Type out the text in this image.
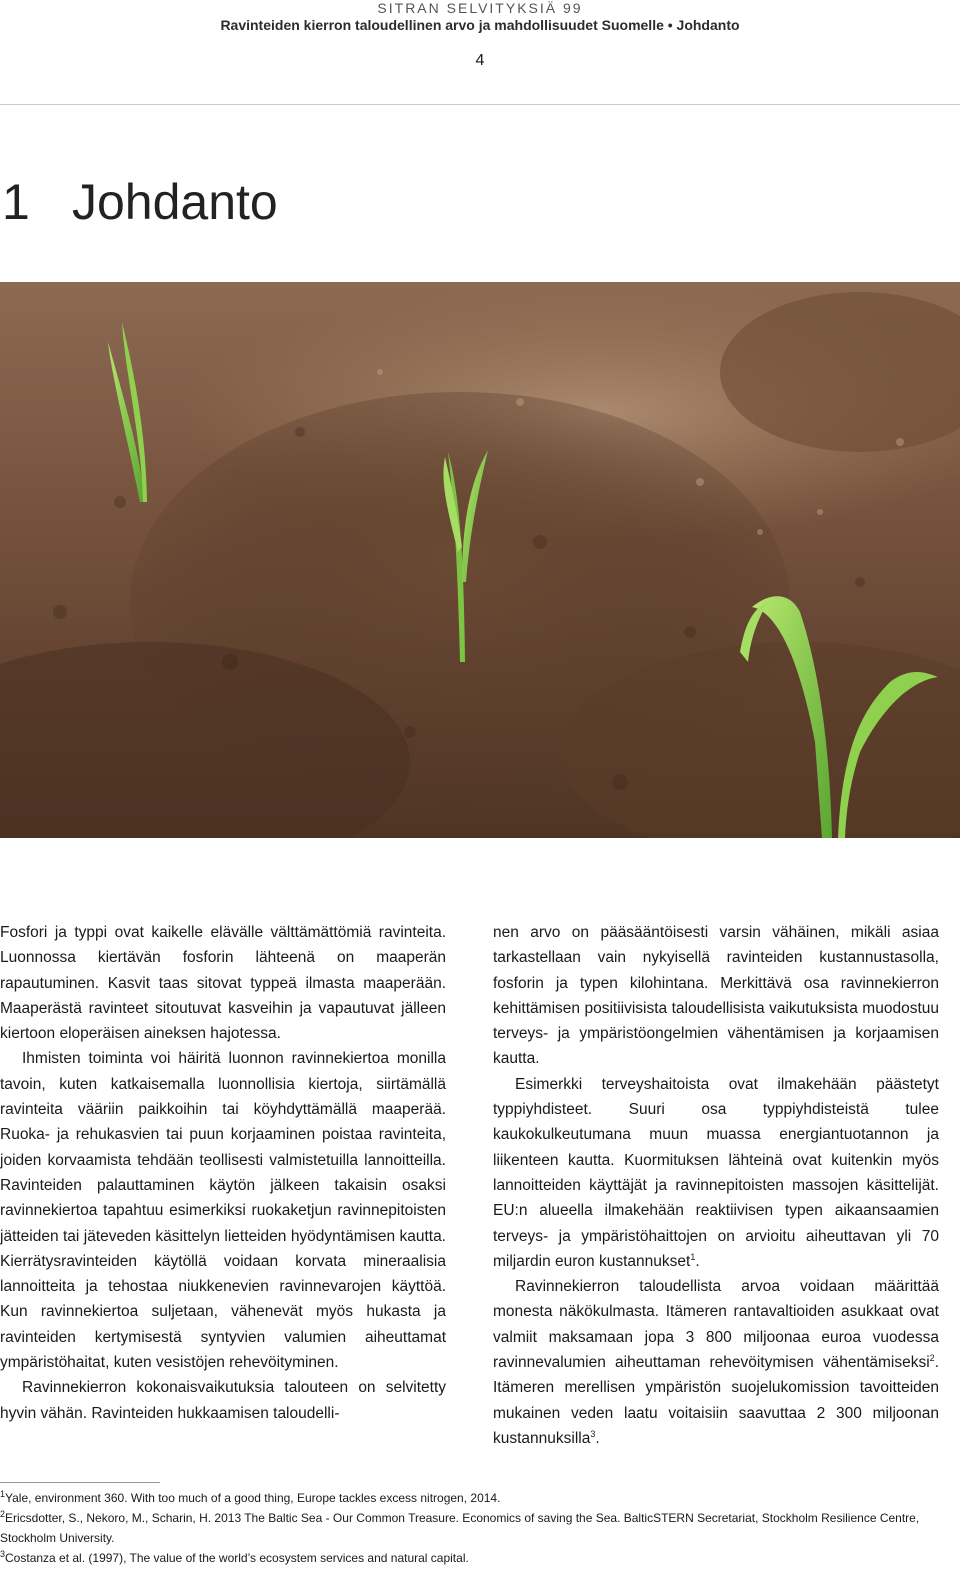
SITRAN SELVITYKSIÄ 99
Ravinteiden kierron taloudellinen arvo ja mahdollisuudet Suomelle • Johdanto
4
1 Johdanto

Fosfori ja typpi ovat kaikelle elävälle välttämättömiä ravinteita. Luonnossa kiertävän fosforin lähteenä on maaperän rapautuminen. Kasvit taas sitovat typpeä ilmasta maaperään. Maaperästä ravinteet sitoutuvat kasveihin ja vapautuvat jälleen kiertoon eloperäisen aineksen hajotessa.

Ihmisten toiminta voi häiritä luonnon ravinnekiertoa monilla tavoin, kuten katkaisemalla luonnollisia kiertoja, siirtämällä ravinteita vääriin paikkoihin tai köyhdyttämällä maaperää. Ruoka- ja rehukasvien tai puun korjaaminen poistaa ravinteita, joiden korvaamista tehdään teollisesti valmistetuilla lannoitteilla. Ravinteiden palauttaminen käytön jälkeen takaisin osaksi ravinnekiertoa tapahtuu esimerkiksi ruokaketjun ravinnepitoisten jätteiden tai jäteveden käsittelyn lietteiden hyödyntämisen kautta. Kierrätysravinteiden käytöllä voidaan korvata mineraalisia lannoitteita ja tehostaa niukkenevien ravinnevarojen käyttöä. Kun ravinnekiertoa suljetaan, vähenevät myös hukasta ja ravinteiden kertymisestä syntyvien valumien aiheuttamat ympäristöhaitat, kuten vesistöjen rehevöityminen.

Ravinnekierron kokonaisvaikutuksia talouteen on selvitetty hyvin vähän. Ravinteiden hukkaamisen taloudelli-

nen arvo on pääsääntöisesti varsin vähäinen, mikäli asiaa tarkastellaan vain nykyisellä ravinteiden kustannustasolla, fosforin ja typen kilohintana. Merkittävä osa ravinnekierron kehittämisen positiivisista taloudellisista vaikutuksista muodostuu terveys- ja ympäristöongelmien vähentämisen ja korjaamisen kautta.

Esimerkki terveyshaitoista ovat ilmakehään päästetyt typpiyhdisteet. Suuri osa typpiyhdisteistä tulee kaukokulkeutumana muun muassa energiantuotannon ja liikenteen kautta. Kuormituksen lähteinä ovat kuitenkin myös lannoitteiden käyttäjät ja ravinnepitoisten massojen käsittelijät. EU:n alueella ilmakehään reaktiivisen typen aikaansaamien terveys- ja ympäristöhaittojen on arvioitu aiheuttavan yli 70 miljardin euron kustannukset$^1$.

Ravinnekierron taloudellista arvoa voidaan määrittää monesta näkökulmasta. Itämeren rantavaltioiden asukkaat ovat valmiit maksamaan jopa 3 800 miljoonaa euroa vuodessa ravinnevalumien aiheuttaman rehevöitymisen vähentämiseksi$^2$. Itämeren merellisen ympäristön suojelukomission tavoitteiden mukainen veden laatu voitaisiin saavuttaa 2 300 miljoonan kustannuksilla$^3$.

$^1$Yale, environment 360. With too much of a good thing, Europe tackles excess nitrogen, 2014.
$^2$Ericsdotter, S., Nekoro, M., Scharin, H. 2013 The Baltic Sea - Our Common Treasure. Economics of saving the Sea. BalticSTERN Secretariat, Stockholm Resilience Centre, Stockholm University.
$^3$Costanza et al. (1997), The value of the world’s ecosystem services and natural capital.
